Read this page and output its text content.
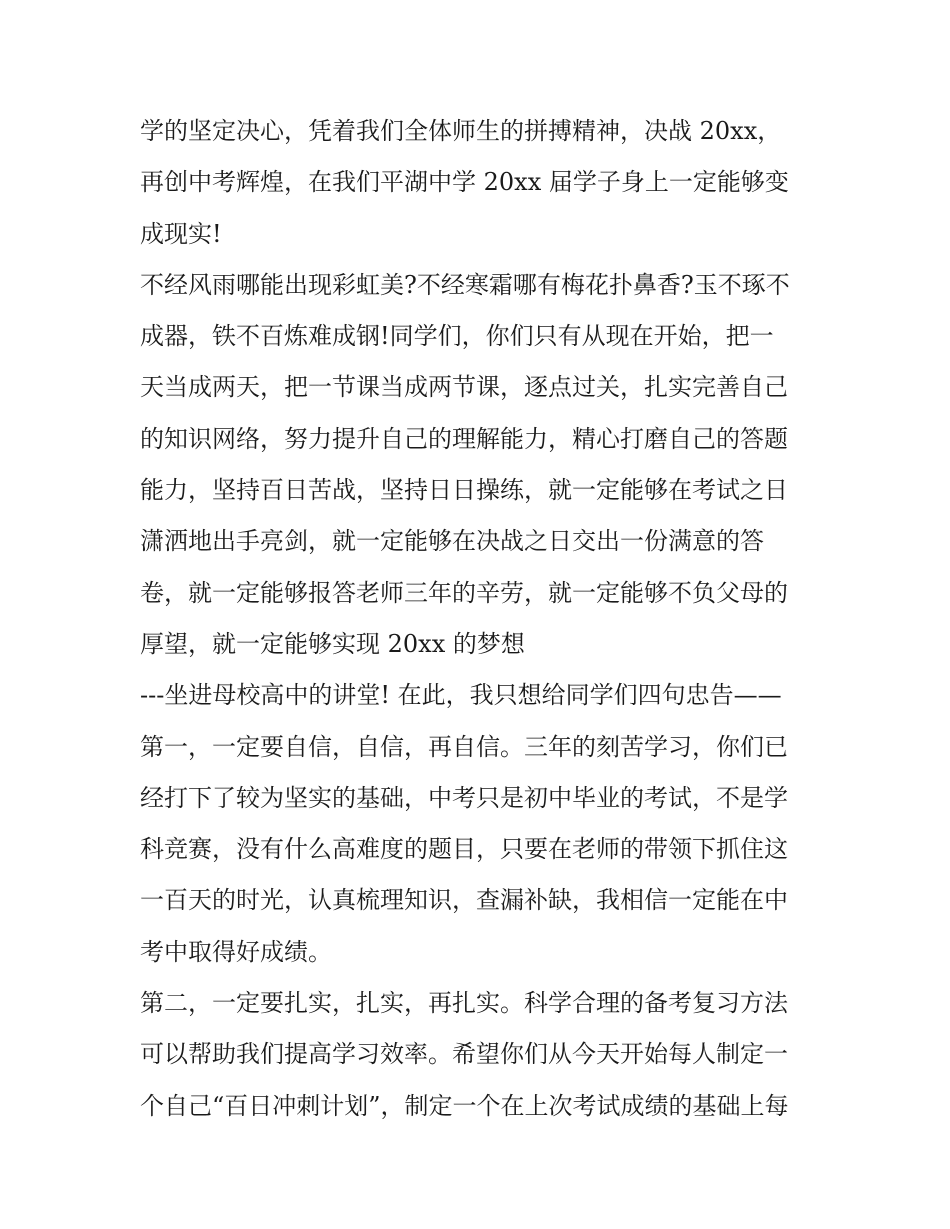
学的坚定决心，凭着我们全体师生的拼搏精神，决战 20xx，
再创中考辉煌，在我们平湖中学 20xx 届学子身上一定能够变
成现实!
不经风雨哪能出现彩虹美?不经寒霜哪有梅花扑鼻香?玉不琢不
成器，铁不百炼难成钢!同学们，你们只有从现在开始，把一
天当成两天，把一节课当成两节课，逐点过关，扎实完善自己
的知识网络，努力提升自己的理解能力，精心打磨自己的答题
能力，坚持百日苦战，坚持日日操练，就一定能够在考试之日
潇洒地出手亮剑，就一定能够在决战之日交出一份满意的答
卷，就一定能够报答老师三年的辛劳，就一定能够不负父母的
厚望，就一定能够实现 20xx 的梦想
---坐进母校高中的讲堂! 在此，我只想给同学们四句忠告——
第一，一定要自信，自信，再自信。三年的刻苦学习，你们已
经打下了较为坚实的基础，中考只是初中毕业的考试，不是学
科竞赛，没有什么高难度的题目，只要在老师的带领下抓住这
一百天的时光，认真梳理知识，查漏补缺，我相信一定能在中
考中取得好成绩。
第二，一定要扎实，扎实，再扎实。科学合理的备考复习方法
可以帮助我们提高学习效率。希望你们从今天开始每人制定一
个自己“百日冲刺计划”，制定一个在上次考试成绩的基础上每
